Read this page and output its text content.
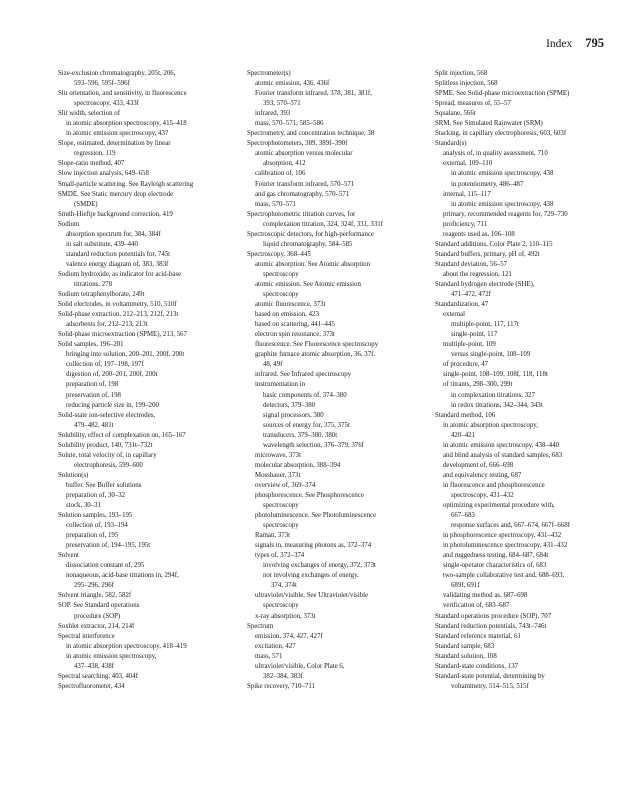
Index 795
Size-exclusion chromatography, 205t, 206,
593–596, 595f–596f
Slit orientation, and sensitivity, in fluorescence
spectroscopy, 433, 433f
Slit width, selection of
in atomic absorption spectroscopy, 415–418
in atomic emission spectroscopy, 437
Slope, estimated, determination by linear
regression, 119
Slope-ratio method, 407
Slow injection analysis, 649–658
Small-particle scattering. See Rayleigh scattering
SMDE. See Static mercury drop electrode
(SMDE)
Smith-Hieftje background correction, 419
Sodium
absorption spectrum for, 384, 384f
in salt substitute, 439–440
standard reduction potentials for, 745t
valence energy diagram of, 383, 383f
Sodium hydroxide, as indicator for acid-base
titrations, 278
Sodium tetraphenylborate, 249t
Solid electrodes, in voltammetry, 510, 510f
Solid-phase extraction, 212–213, 212f, 213t
adsorbents for, 212–213, 213t
Solid-phase microextraction (SPME), 213, 567
Solid samples, 196–201
bringing into solution, 200–201, 200f, 200t
collection of, 197–198, 197f
digestion of, 200–201, 200f, 200t
preparation of, 198
preservation of, 198
reducing particle size in, 199–200
Solid-state ion-selective electrodes,
479–482, 481t
Solubility, effect of complexation on, 165–167
Solubility product, 140, 731t–732t
Solute, total velocity of, in capillary
electrophoresis, 599–600
Solution(s)
buffer. See Buffer solutions
preparation of, 30–32
stock, 30–31
Solution samples, 193–195
collection of, 193–194
preparation of, 195
preservation of, 194–195, 195t
Solvent
dissociation constant of, 295
nonaqueous, acid-base titrations in, 294f,
295–296, 296f
Solvent triangle, 582, 582f
SOP. See Standard operations
procedure (SOP)
Soxhlet extractor, 214, 214f
Spectral interference
in atomic absorption spectroscopy, 418–419
in atomic emission spectroscopy,
437–438, 438f
Spectral searching, 403, 404f
Spectrofluorometer, 434
Spectrometer(s)
atomic emission, 436, 436f
Fourier transform infrared, 378, 381, 381f,
393, 570–571
infrared, 393
mass, 570–571, 585–586
Spectrometry, and concentration technique, 38
Spectrophotometers, 389, 389f–390f
atomic absorption versus molecular
absorption, 412
calibration of, 106
Fourier transform infrared, 570–571
and gas chromatography, 570–571
mass, 570–571
Spectrophotometric titration curves, for
complexation titration, 324, 324f, 331, 331f
Spectroscopic detectors, for high-performance
liquid chromatography, 584–585
Spectroscopy, 368–445
atomic absorption. See Atomic absorption
spectroscopy
atomic emission. See Atomic emission
spectroscopy
atomic fluorescence, 373t
based on emission, 423
based on scattering, 441–445
electron spin resonance, 373t
fluorescence. See Fluorescence spectroscopy
graphite furnace atomic absorption, 36, 37f,
48, 49f
infrared. See Infrared spectroscopy
instrumentation in
basic components of, 374–380
detectors, 379–380
signal processors, 380
sources of energy for, 375, 375t
transducers, 379–380, 380t
wavelength selection, 376–379, 376f
microwave, 373t
molecular absorption, 388–394
Mossbauer, 373t
overview of, 369–374
phosphorescence. See Phosphorescence
spectroscopy
photoluminescence. See Photoluminescence
spectroscopy
Raman, 373t
signals in, measuring photons as, 372–374
types of, 372–374
involving exchanges of energy, 372, 373t
not involving exchanges of energy,
374, 374t
ultraviolet/visible. See Ultraviolet/visible
spectroscopy
x-ray absorption, 373t
Spectrum
emission, 374, 427, 427f
excitation, 427
mass, 571
ultraviolet/visible, Color Plate 6,
382–384, 383f
Spike recovery, 710–711
Split injection, 568
Splitless injection, 568
SPME. See Solid-phase microextraction (SPME)
Spread, measures of, 55–57
Squalane, 566t
SRM. See Simulated Rainwater (SRM)
Stacking, in capillary electrophoresis, 603, 603f
Standard(s)
analysis of, in quality assessment, 710
external, 109–110
in atomic emission spectroscopy, 438
in potentiometry, 486–487
internal, 115–117
in atomic emission spectroscopy, 438
primary, recommended reagents for, 729–730
proficiency, 711
reagents used as, 106–108
Standard additions, Color Plate 2, 110–115
Standard buffers, primary, pH of, 492t
Standard deviation, 56–57
about the regression, 121
Standard hydrogen electrode (SHE),
471–472, 472f
Standardization, 47
external
multiple-point, 117, 117t
single-point, 117
multiple-point, 109
versus single-point, 108–109
of procedure, 47
single-point, 108–109, 108f, 118, 118t
of titrants, 298–300, 299t
in complexation titrations, 327
in redox titrations, 342–344, 343t
Standard method, 106
in atomic absorption spectroscopy,
420–421
in atomic emission spectroscopy, 438–440
and blind analysis of standard samples, 683
development of, 666–698
and equivalency testing, 687
in fluorescence and phosphorescence
spectroscopy, 431–432
optimizing experimental procedure with,
667–683
response surfaces and, 667–674, 667f–668f
in phosphorescence spectroscopy, 431–432
in photoluminescence spectroscopy, 431–432
and ruggedness testing, 684–687, 684t
single-operator characteristics of, 683
two-sample collaborative test and, 688–693,
689f, 691f
validating method as, 687–698
verification of, 683–687
Standard operations procedure (SOP), 707
Standard reduction potentials, 743t–746t
Standard reference material, 61
Standard sample, 683
Standard solution, 108
Standard-state conditions, 137
Standard-state potential, determining by
voltammetry, 514–515, 515f
